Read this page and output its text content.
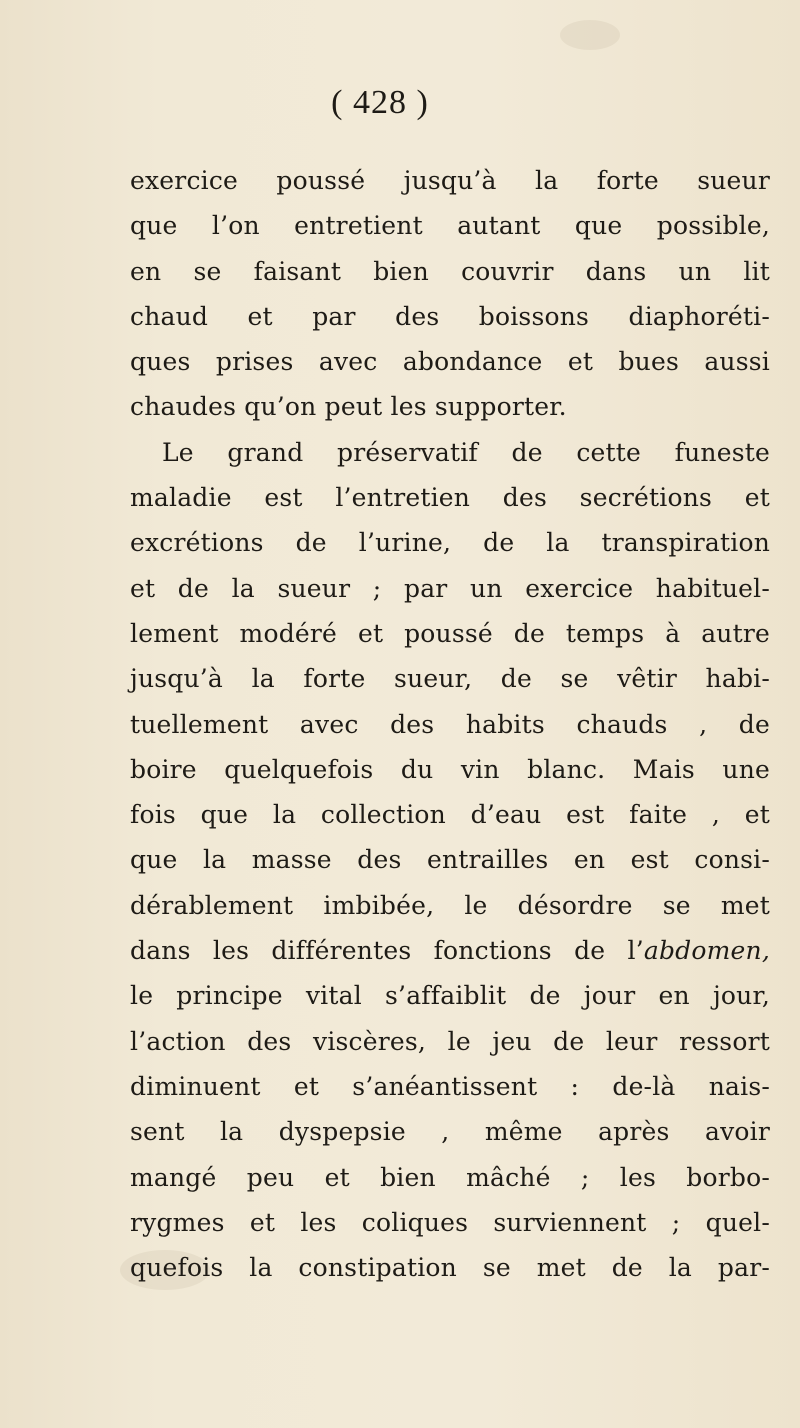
( 428 )
exercice poussé jusqu’à la forte sueur
que l’on entretient autant que possible,
en se faisant bien couvrir dans un lit
chaud et par des boissons diaphoréti-
ques prises avec abondance et bues aussi
chaudes qu’on peut les supporter.
Le grand préservatif de cette funeste
maladie est l’entretien des secrétions et
excrétions de l’urine, de la transpiration
et de la sueur ; par un exercice habituel-
lement modéré et poussé de temps à autre
jusqu’à la forte sueur, de se vêtir habi-
tuellement avec des habits chauds , de
boire quelquefois du vin blanc. Mais une
fois que la collection d’eau est faite , et
que la masse des entrailles en est consi-
dérablement imbibée, le désordre se met
dans les différentes fonctions de l’abdomen,
le principe vital s’affaiblit de jour en jour,
l’action des viscères, le jeu de leur ressort
diminuent et s’anéantissent : de-là nais-
sent la dyspepsie , même après avoir
mangé peu et bien mâché ; les borbo-
rygmes et les coliques surviennent ; quel-
quefois la constipation se met de la par-
